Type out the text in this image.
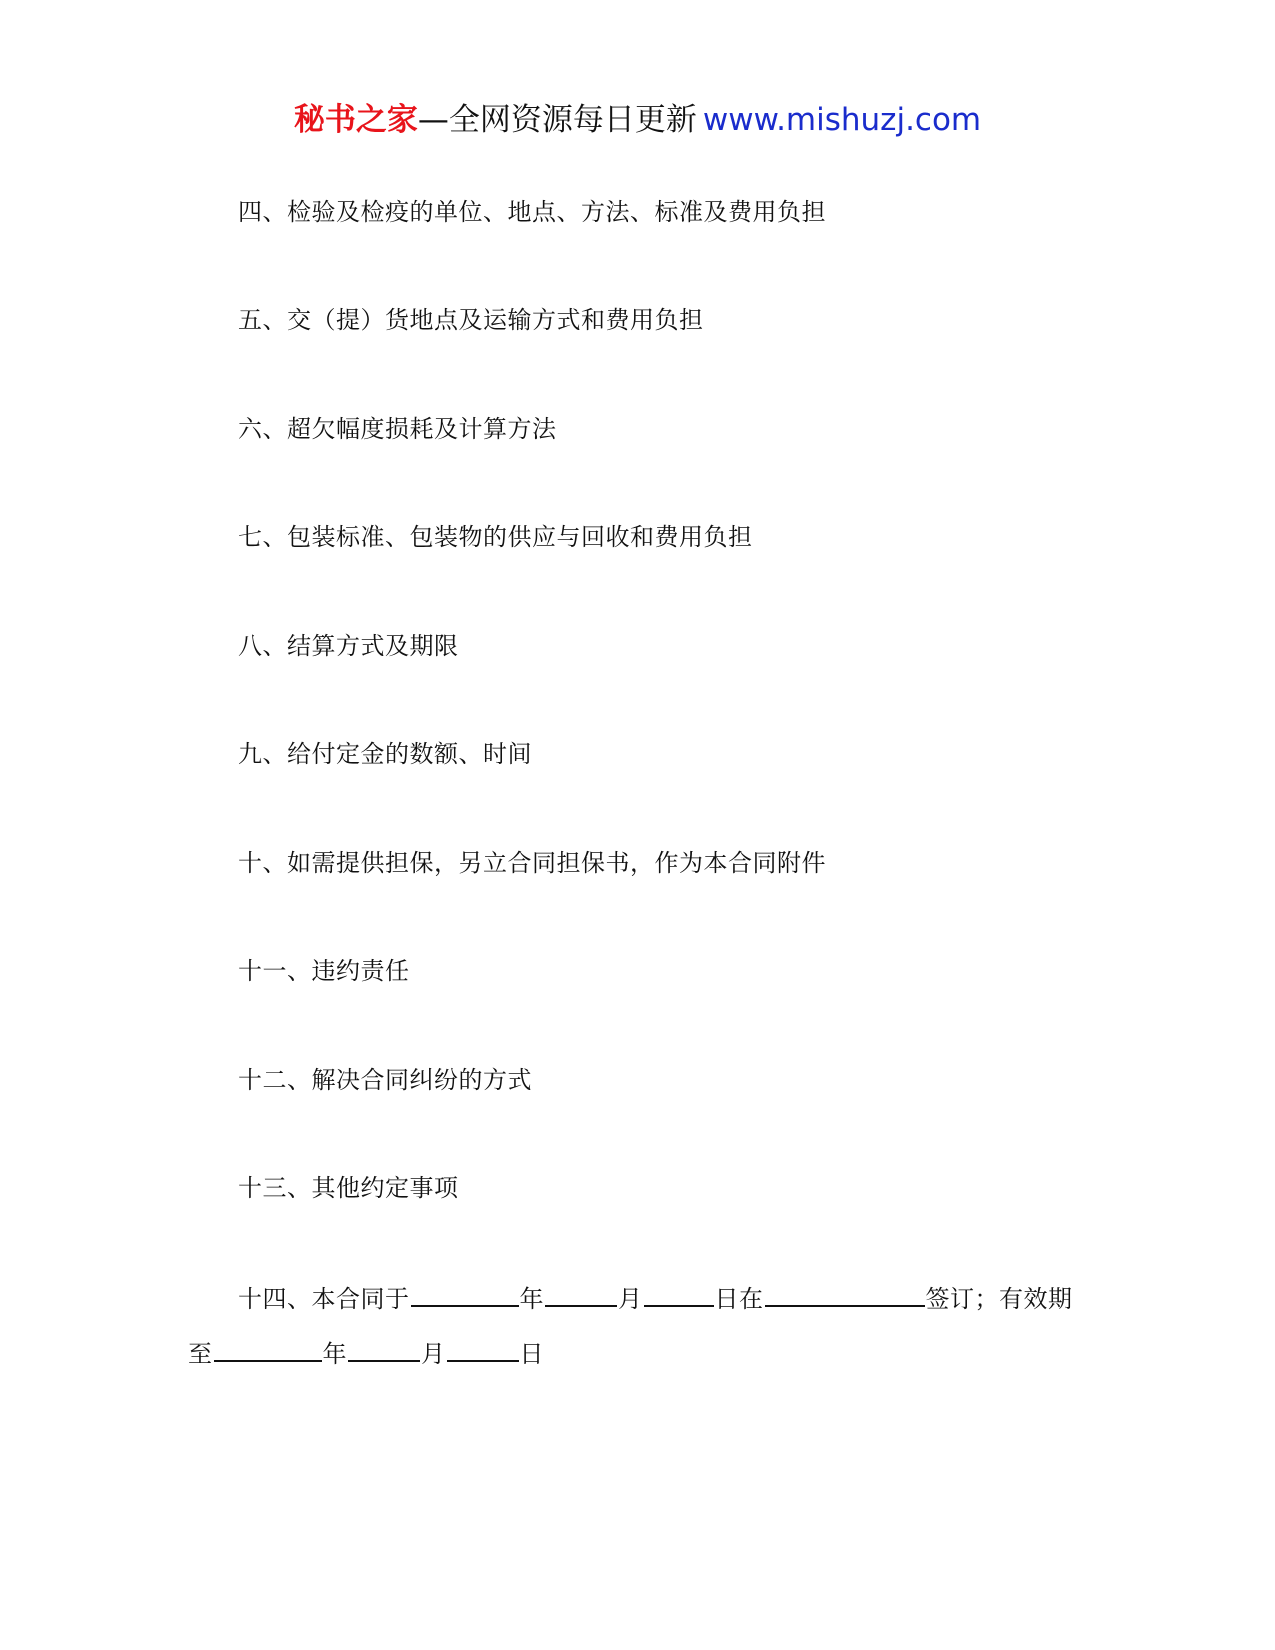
秘书之家—全网资源每日更新 www.mishuzj.com
四、检验及检疫的单位、地点、方法、标准及费用负担
五、交（提）货地点及运输方式和费用负担
六、超欠幅度损耗及计算方法
七、包装标准、包装物的供应与回收和费用负担
八、结算方式及期限
九、给付定金的数额、时间
十、如需提供担保，另立合同担保书，作为本合同附件
十一、违约责任
十二、解决合同纠纷的方式
十三、其他约定事项
十四、本合同于	年	月	日在	签订；有效期
至	年	月	日
